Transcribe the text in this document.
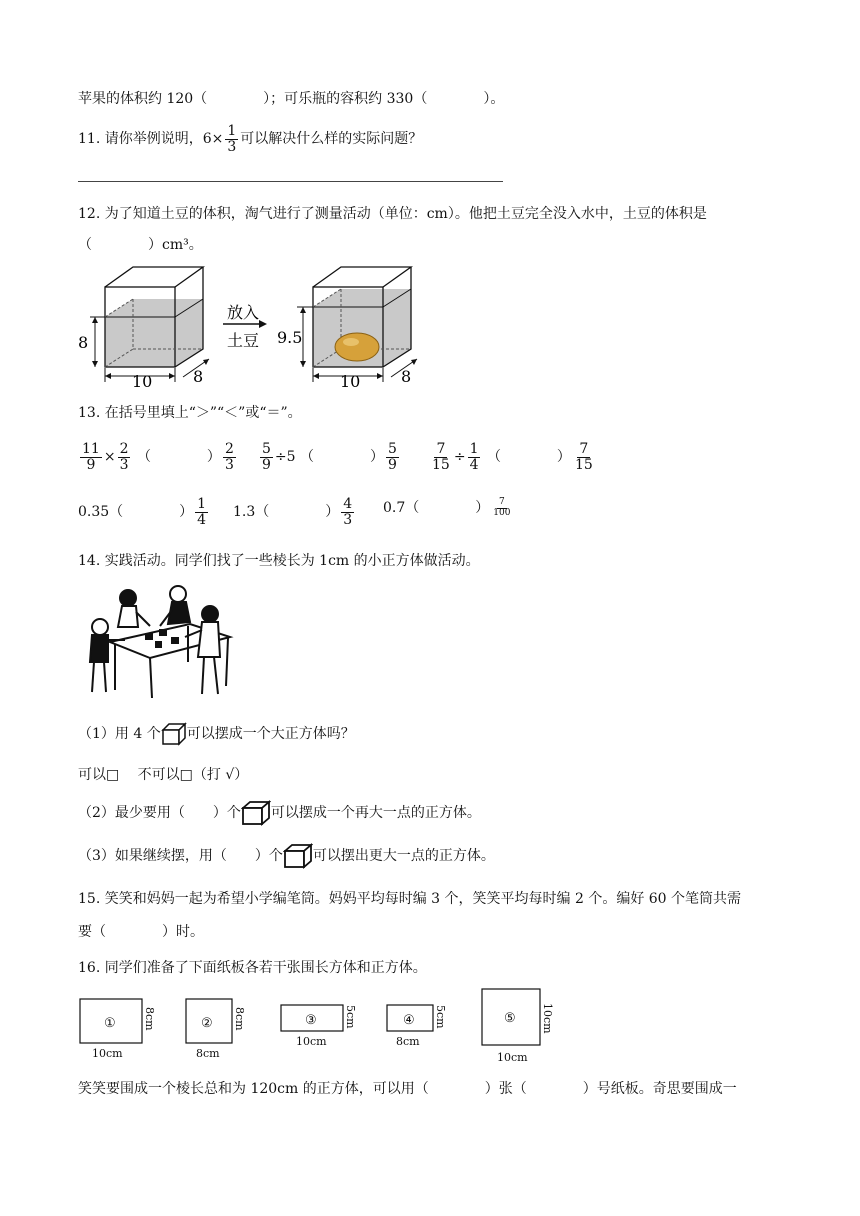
苹果的体积约 120（　　　　）；可乐瓶的容积约 330（　　　　）。
11. 请你举例说明，$6\times \frac{1}{3}$ 可以解决什么样的实际问题？
12. 为了知道土豆的体积，淘气进行了测量活动（单位：cm）。他把土豆完全没入水中，土豆的体积是
（　　　　）cm³。
8
10	8
放入
土豆 9.5
10	8
13. 在括号里填上“＞”“＜”或“＝”。
$\frac{11}{9} \times \frac{2}{3}$ （　　　　） $\frac{2}{3} \frac{5}{9} \div 5$ （　　　　） $\frac{5}{9} \frac{7}{15} \div \frac{1}{4}$ （　　　　） $\frac{7}{15}$
0.35（　　　　） $\frac{1}{4} 1.3$（　　　　） $\frac{4}{3} 0.7$（　　　　） $\frac{7}{100}$
14. 实践活动。同学们找了一些棱长为 1cm 的小正方体做活动。
（1）用 4 个 可以摆成一个大正方体吗？
可以□　 不可以□（打 √）
（2）最少要用（　　）个 可以摆成一个再大一点的正方体。
（3）如果继续摆，用（　　）个 可以摆出更大一点的正方体。
15. 笑笑和妈妈一起为希望小学编笔筒。妈妈平均每时编 3 个，笑笑平均每时编 2 个。编好 60 个笔筒共需
要（　　　　）时。
16. 同学们准备了下面纸板各若干张围长方体和正方体。
①
10cm
8cm	②
8cm
8cm	③
10cm
5cm	④
8cm
5cm	⑤
10cm
10cm
笑笑要围成一个棱长总和为 120cm 的正方体，可以用（　　　　）张（　　　　）号纸板。奇思要围成一
